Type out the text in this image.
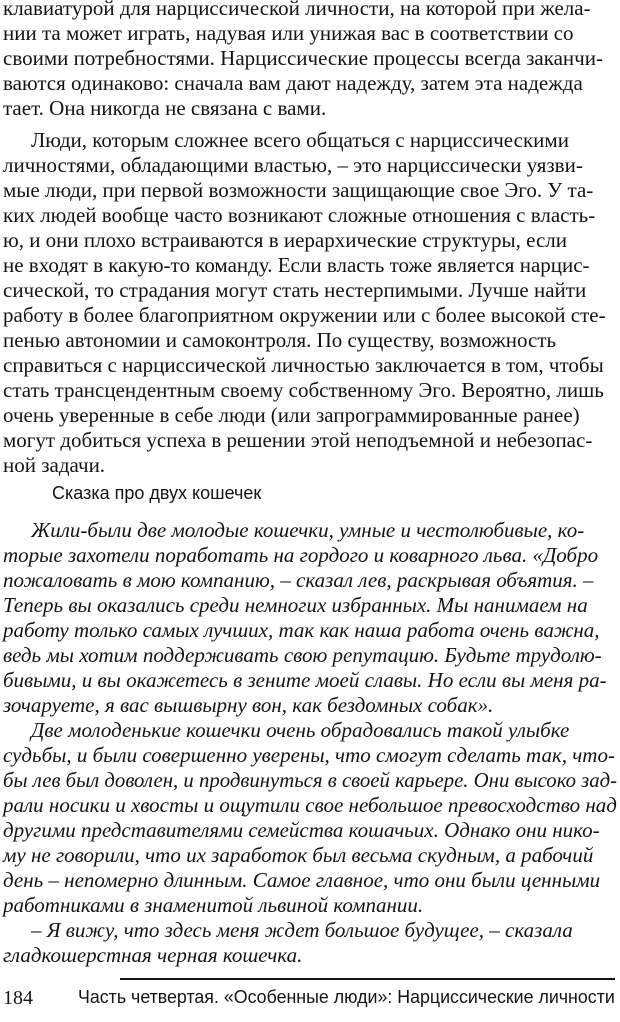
клавиатурой для нарциссической личности, на которой при жела-
нии та может играть, надувая или унижая вас в соответствии со
своими потребностями. Нарциссические процессы всегда заканчи-
ваются одинаково: сначала вам дают надежду, затем эта надежда
тает. Она никогда не связана с вами.
Люди, которым сложнее всего общаться с нарциссическими
личностями, обладающими властью, – это нарциссически уязви-
мые люди, при первой возможности защищающие свое Эго. У та-
ких людей вообще часто возникают сложные отношения с власть-
ю, и они плохо встраиваются в иерархические структуры, если
не входят в какую-то команду. Если власть тоже является нарцис-
сической, то страдания могут стать нестерпимыми. Лучше найти
работу в более благоприятном окружении или с более высокой сте-
пенью автономии и самоконтроля. По существу, возможность
справиться с нарциссической личностью заключается в том, чтобы
стать трансцендентным своему собственному Эго. Вероятно, лишь
очень уверенные в себе люди (или запрограммированные ранее)
могут добиться успеха в решении этой неподъемной и небезопас-
ной задачи.
Сказка про двух кошечек
Жили-были две молодые кошечки, умные и честолюбивые, ко-
торые захотели поработать на гордого и коварного льва. «Добро
пожаловать в мою компанию, – сказал лев, раскрывая объятия. –
Теперь вы оказались среди немногих избранных. Мы нанимаем на
работу только самых лучших, так как наша работа очень важна,
ведь мы хотим поддерживать свою репутацию. Будьте трудолю-
бивыми, и вы окажетесь в зените моей славы. Но если вы меня ра-
зочаруете, я вас вышвырну вон, как бездомных собак».
Две молоденькие кошечки очень обрадовались такой улыбке
судьбы, и были совершенно уверены, что смогут сделать так, что-
бы лев был доволен, и продвинуться в своей карьере. Они высоко зад-
рали носики и хвосты и ощутили свое небольшое превосходство над
другими представителями семейства кошачьих. Однако они нико-
му не говорили, что их заработок был весьма скудным, а рабочий
день – непомерно длинным. Самое главное, что они были ценными
работниками в знаменитой львиной компании.
– Я вижу, что здесь меня ждет большое будущее, – сказала
гладкошерстная черная кошечка.
184	Часть четвертая. «Особенные люди»: Нарциссические личности
